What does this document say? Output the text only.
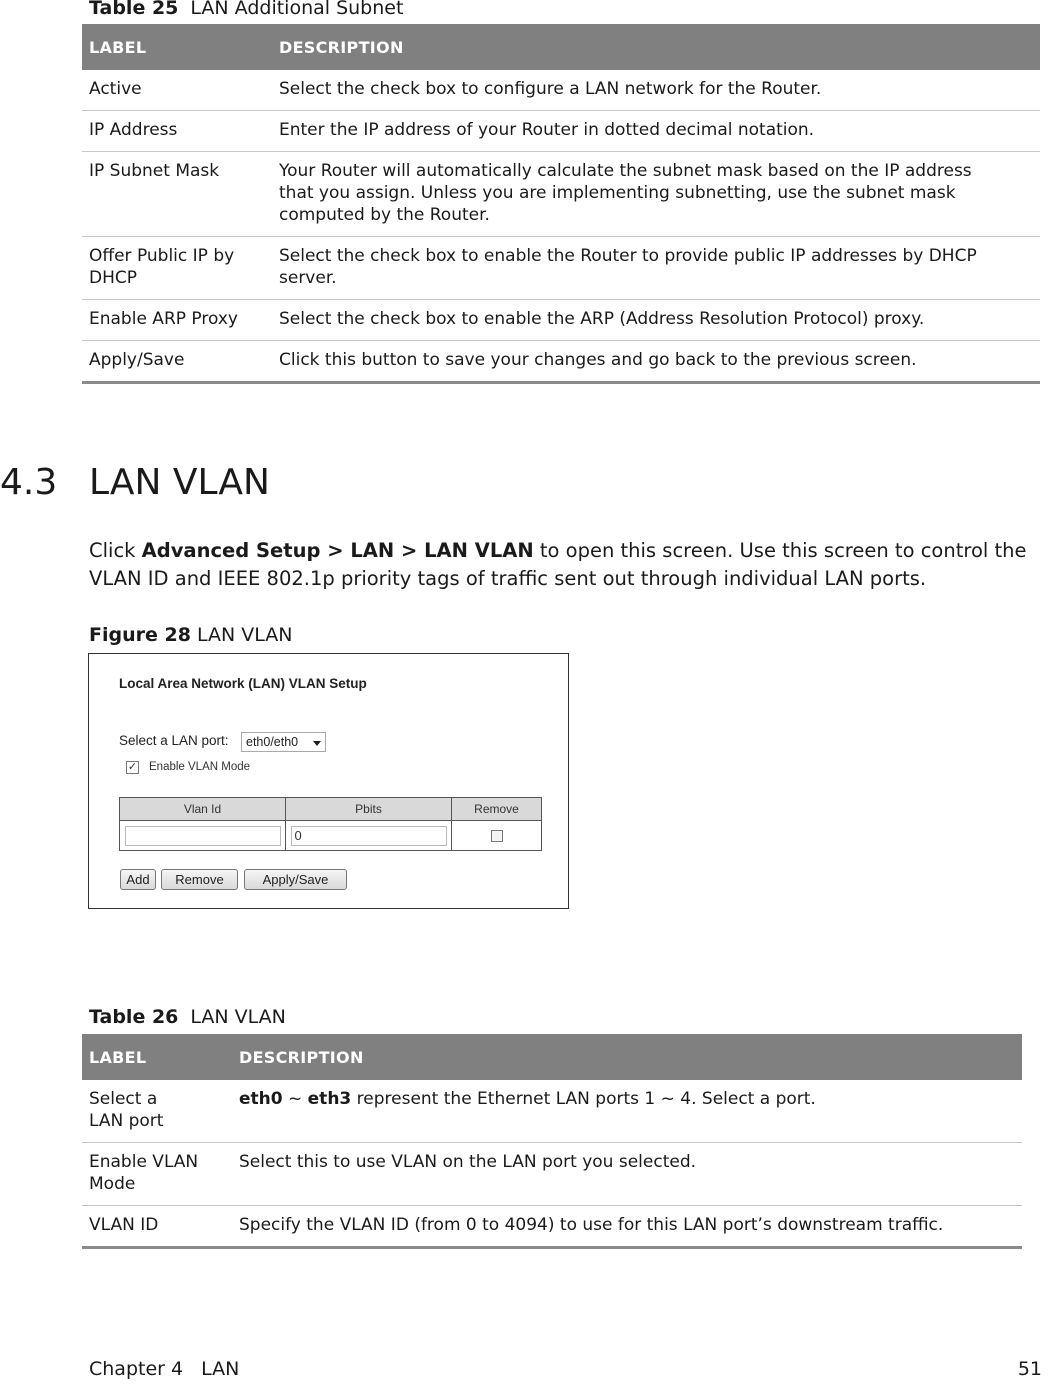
Table 25 LAN Additional Subnet
LABEL	DESCRIPTION
Active	Select the check box to configure a LAN network for the Router.
IP Address	Enter the IP address of your Router in dotted decimal notation.
IP Subnet Mask	Your Router will automatically calculate the subnet mask based on the IP address that you assign. Unless you are implementing subnetting, use the subnet mask computed by the Router.
Offer Public IP by DHCP	Select the check box to enable the Router to provide public IP addresses by DHCP server.
Enable ARP Proxy	Select the check box to enable the ARP (Address Resolution Protocol) proxy.
Apply/Save	Click this button to save your changes and go back to the previous screen.
4.3 LAN VLAN
Click Advanced Setup > LAN > LAN VLAN to open this screen. Use this screen to control the VLAN ID and IEEE 802.1p priority tags of traffic sent out through individual LAN ports.
Figure 28 LAN VLAN
Local Area Network (LAN) VLAN Setup
Select a LAN port:	eth0/eth0
✓ Enable VLAN Mode
Vlan Id	Pbits	Remove

	0	

Add	Remove	Apply/Save
Table 26 LAN VLAN
LABEL	DESCRIPTION
Select a LAN port	eth0 ~ eth3 represent the Ethernet LAN ports 1 ~ 4. Select a port.
Enable VLAN Mode	Select this to use VLAN on the LAN port you selected.
VLAN ID	Specify the VLAN ID (from 0 to 4094) to use for this LAN port’s downstream traffic.
Chapter 4 LAN	51
